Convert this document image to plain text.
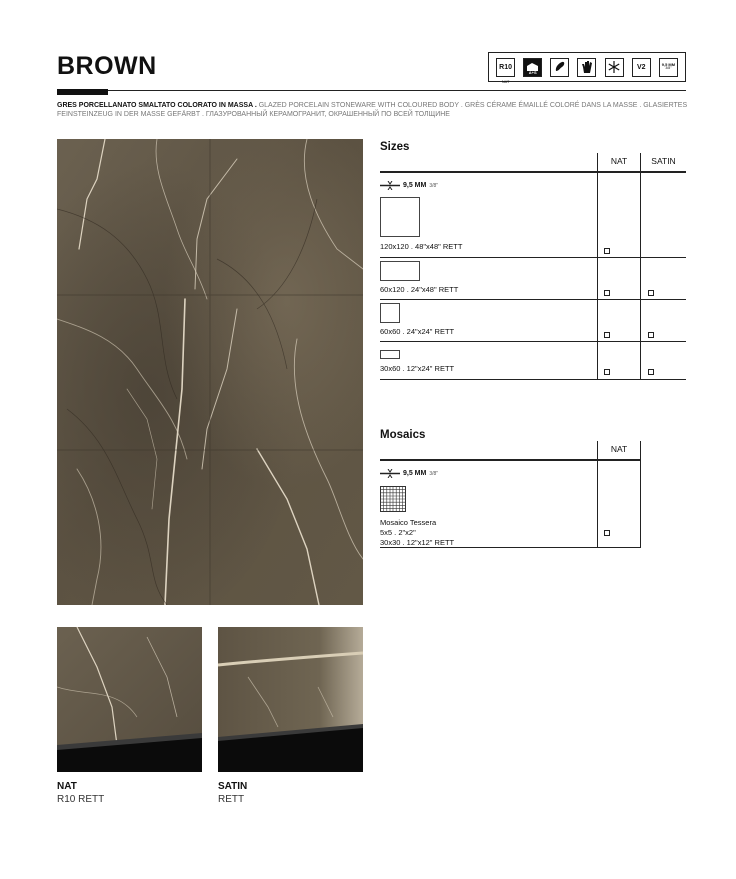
BROWN	R10
NAT
A+S
V2	9,5 MM
3/8"
GRES PORCELLANATO SMALTATO COLORATO IN MASSA . GLAZED PORCELAIN STONEWARE WITH COLOURED BODY . GRÈS CÉRAME ÉMAILLÉ COLORÉ DANS LA MASSE . GLASIERTES FEINSTEINZEUG IN DER MASSE GEFÄRBT . ГЛАЗУРОВАННЫЙ КЕРАМОГРАНИТ, ОКРАШЕННЫЙ ПО ВСЕЙ ТОЛЩИНЕ
NAT
R10 RETT
SATIN
RETT
Sizes
NAT	SATIN
9,5 MM 3/8"
120x120 . 48"x48" RETT
60x120 . 24"x48" RETT
60x60 . 24"x24" RETT
30x60 . 12"x24" RETT
Mosaics
NAT
9,5 MM 3/8"
Mosaico Tessera
5x5 . 2"x2"
30x30 . 12"x12" RETT
